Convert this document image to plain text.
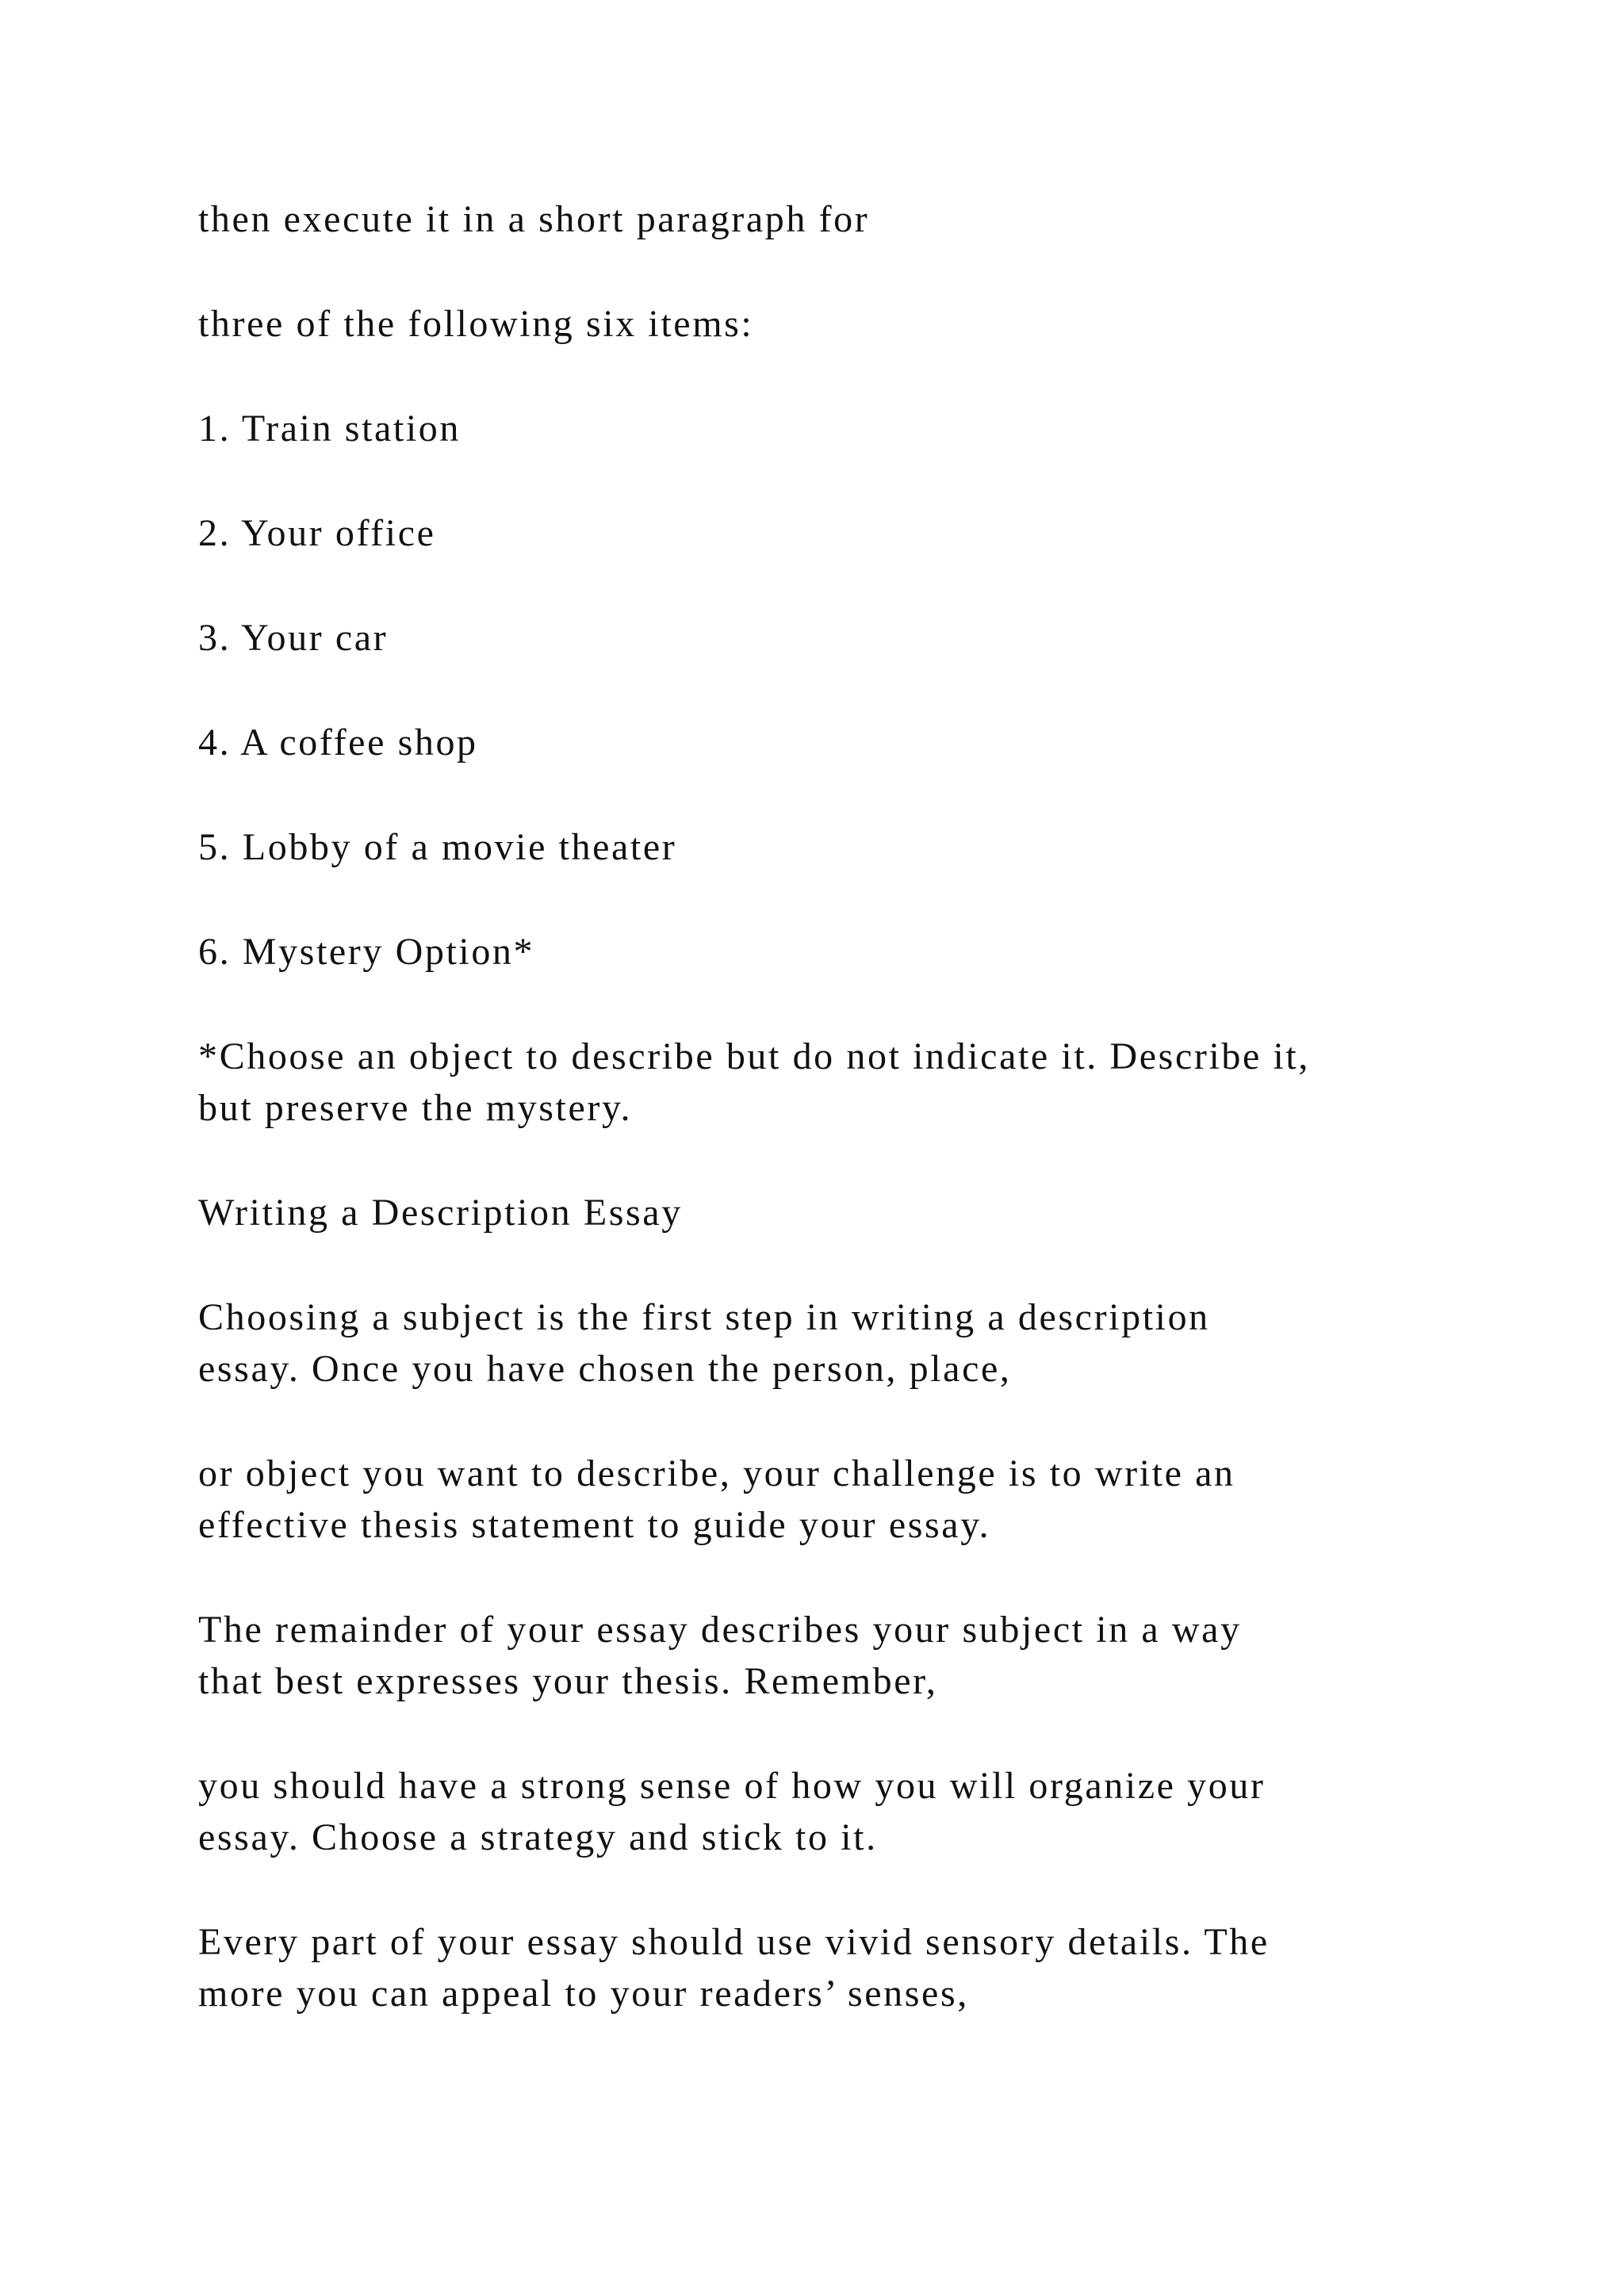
then execute it in a short paragraph for

three of the following six items:

1. Train station

2. Your office

3. Your car

4. A coffee shop

5. Lobby of a movie theater

6. Mystery Option*

*Choose an object to describe but do not indicate it. Describe it,
but preserve the mystery.

Writing a Description Essay

Choosing a subject is the first step in writing a description
essay. Once you have chosen the person, place,

or object you want to describe, your challenge is to write an
effective thesis statement to guide your essay.

The remainder of your essay describes your subject in a way
that best expresses your thesis. Remember,

you should have a strong sense of how you will organize your
essay. Choose a strategy and stick to it.

Every part of your essay should use vivid sensory details. The
more you can appeal to your readers’ senses,
